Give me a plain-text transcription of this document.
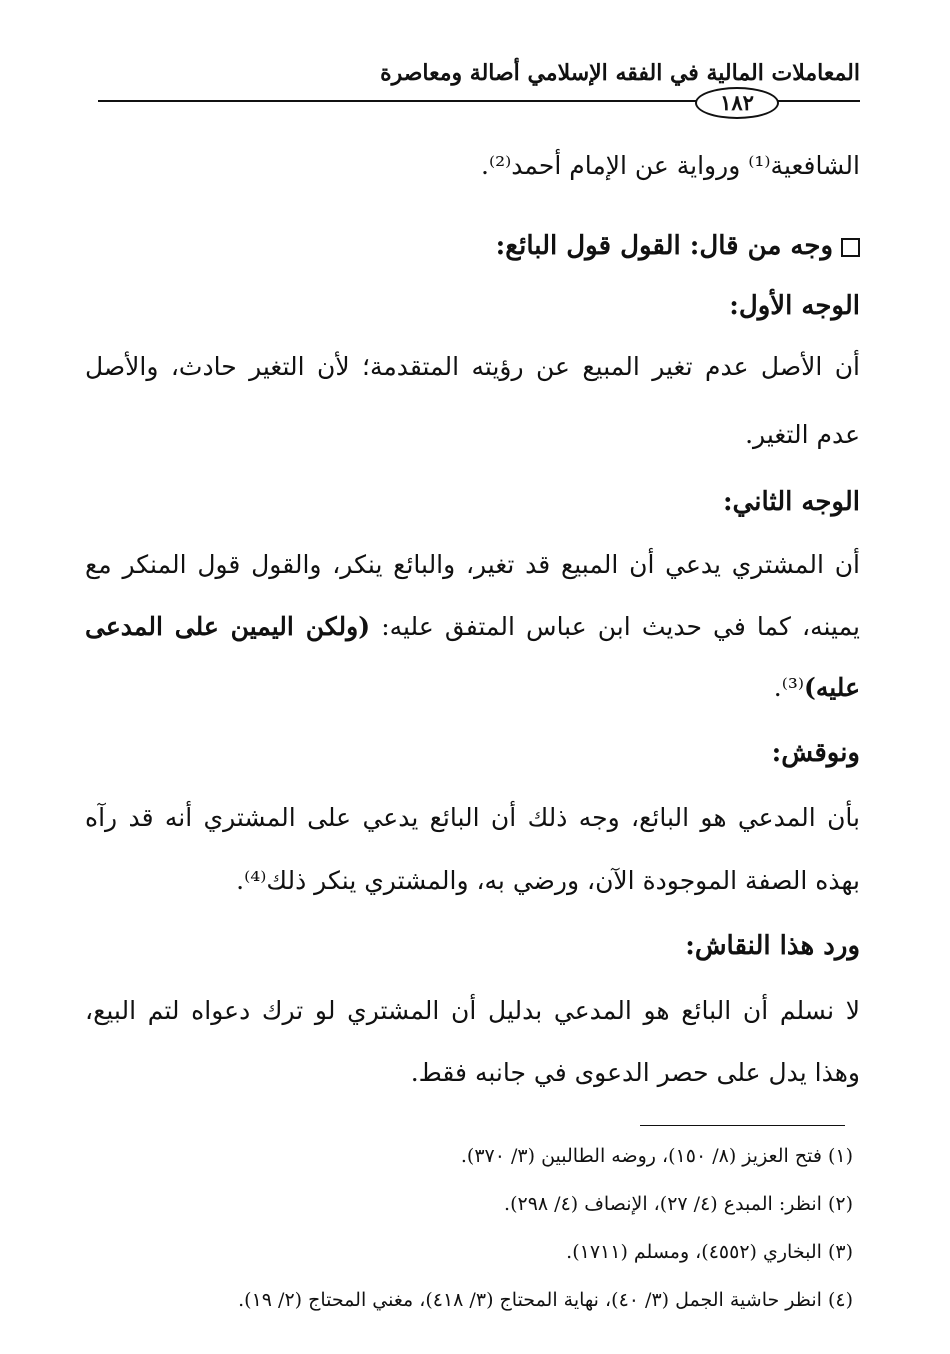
المعاملات المالية في الفقه الإسلامي أصالة ومعاصرة
١٨٢
الشافعية⁽¹⁾ ورواية عن الإمام أحمد⁽²⁾.
وجه من قال: القول قول البائع:
الوجه الأول:
أن الأصل عدم تغير المبيع عن رؤيته المتقدمة؛ لأن التغير حادث، والأصل
عدم التغير.
الوجه الثاني:
أن المشتري يدعي أن المبيع قد تغير، والبائع ينكر، والقول قول المنكر مع
يمينه، كما في حديث ابن عباس المتفق عليه: (ولكن اليمين على المدعى
عليه)⁽³⁾.
ونوقش:
بأن المدعي هو البائع، وجه ذلك أن البائع يدعي على المشتري أنه قد رآه
بهذه الصفة الموجودة الآن، ورضي به، والمشتري ينكر ذلك⁽⁴⁾.
ورد هذا النقاش:
لا نسلم أن البائع هو المدعي بدليل أن المشتري لو ترك دعواه لتم البيع،
وهذا يدل على حصر الدعوى في جانبه فقط.
(١) فتح العزيز (٨/ ١٥٠)، روضه الطالبين (٣/ ٣٧٠).
(٢) انظر: المبدع (٤/ ٢٧)، الإنصاف (٤/ ٢٩٨).
(٣) البخاري (٤٥٥٢)، ومسلم (١٧١١).
(٤) انظر حاشية الجمل (٣/ ٤٠)، نهاية المحتاج (٣/ ٤١٨)، مغني المحتاج (٢/ ١٩).
